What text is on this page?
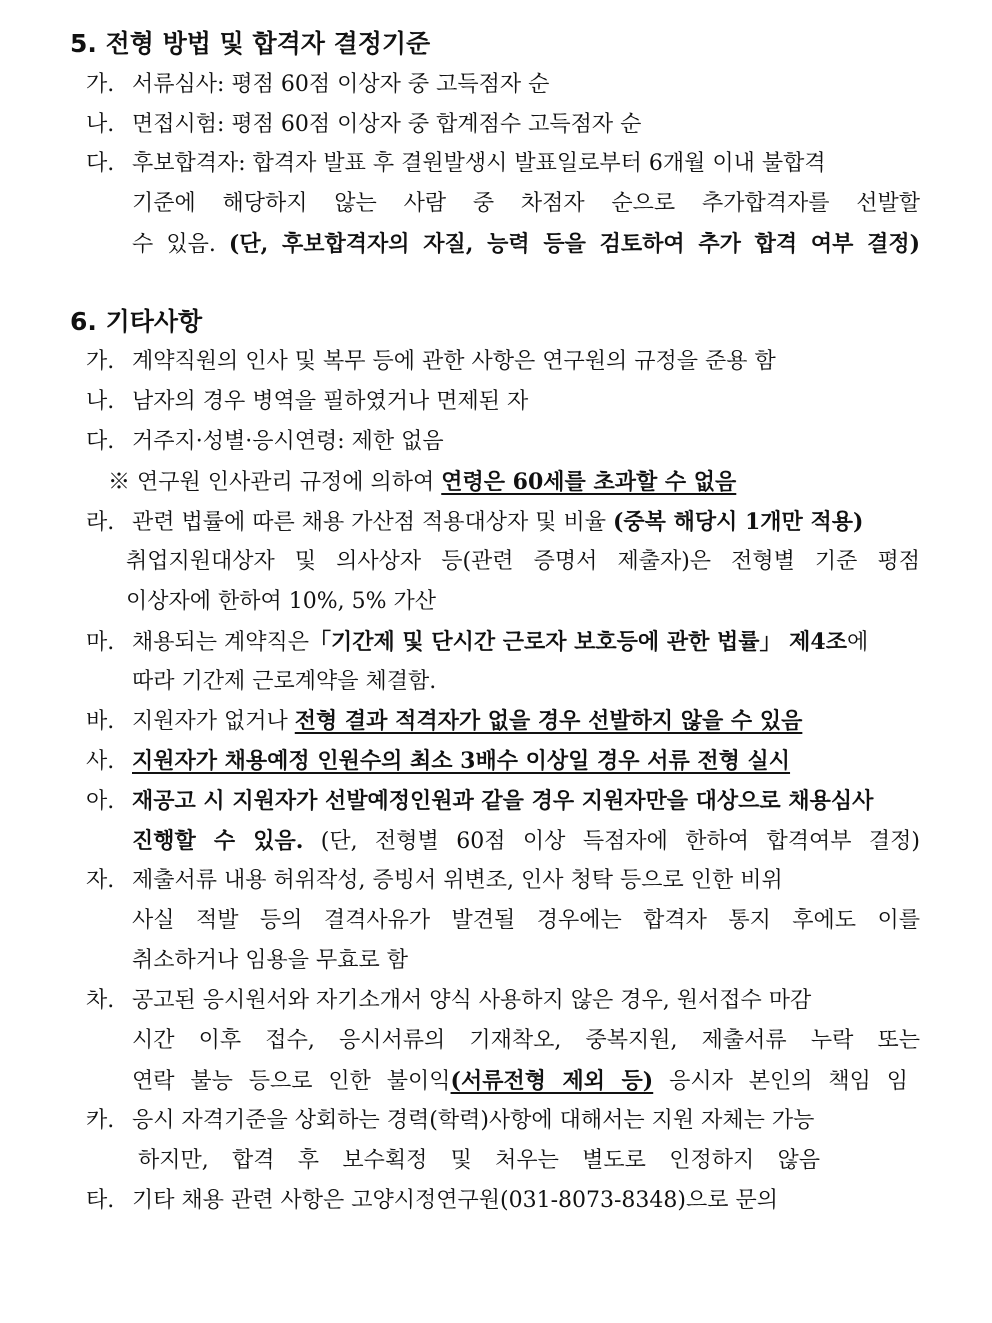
5. 전형 방법 및 합격자 결정기준
가. 서류심사: 평점 60점 이상자 중 고득점자 순
나. 면접시험: 평점 60점 이상자 중 합계점수 고득점자 순
다. 후보합격자: 합격자 발표 후 결원발생시 발표일로부터 6개월 이내 불합격
기준에 해당하지 않는 사람 중 차점자 순으로 추가합격자를 선발할
수 있음. (단, 후보합격자의 자질, 능력 등을 검토하여 추가 합격 여부 결정)
6. 기타사항
가. 계약직원의 인사 및 복무 등에 관한 사항은 연구원의 규정을 준용 함
나. 남자의 경우 병역을 필하였거나 면제된 자
다. 거주지·성별·응시연령: 제한 없음
※ 연구원 인사관리 규정에 의하여 연령은 60세를 초과할 수 없음
라. 관련 법률에 따른 채용 가산점 적용대상자 및 비율 (중복 해당시 1개만 적용)
취업지원대상자 및 의사상자 등(관련 증명서 제출자)은 전형별 기준 평점
이상자에 한하여 10%, 5% 가산
마. 채용되는 계약직은「기간제 및 단시간 근로자 보호등에 관한 법률」 제4조에
따라 기간제 근로계약을 체결함.
바. 지원자가 없거나 전형 결과 적격자가 없을 경우 선발하지 않을 수 있음
사. 지원자가 채용예정 인원수의 최소 3배수 이상일 경우 서류 전형 실시
아. 재공고 시 지원자가 선발예정인원과 같을 경우 지원자만을 대상으로 채용심사
진행할 수 있음. (단, 전형별 60점 이상 득점자에 한하여 합격여부 결정)
자. 제출서류 내용 허위작성, 증빙서 위변조, 인사 청탁 등으로 인한 비위
사실 적발 등의 결격사유가 발견될 경우에는 합격자 통지 후에도 이를
취소하거나 임용을 무효로 함
차. 공고된 응시원서와 자기소개서 양식 사용하지 않은 경우, 원서접수 마감
시간 이후 접수, 응시서류의 기재착오, 중복지원, 제출서류 누락 또는
연락 불능 등으로 인한 불이익(서류전형 제외 등) 응시자 본인의 책임 임
카. 응시 자격기준을 상회하는 경력(학력)사항에 대해서는 지원 자체는 가능
하지만, 합격 후 보수획정 및 처우는 별도로 인정하지 않음
타. 기타 채용 관련 사항은 고양시정연구원(031-8073-8348)으로 문의
